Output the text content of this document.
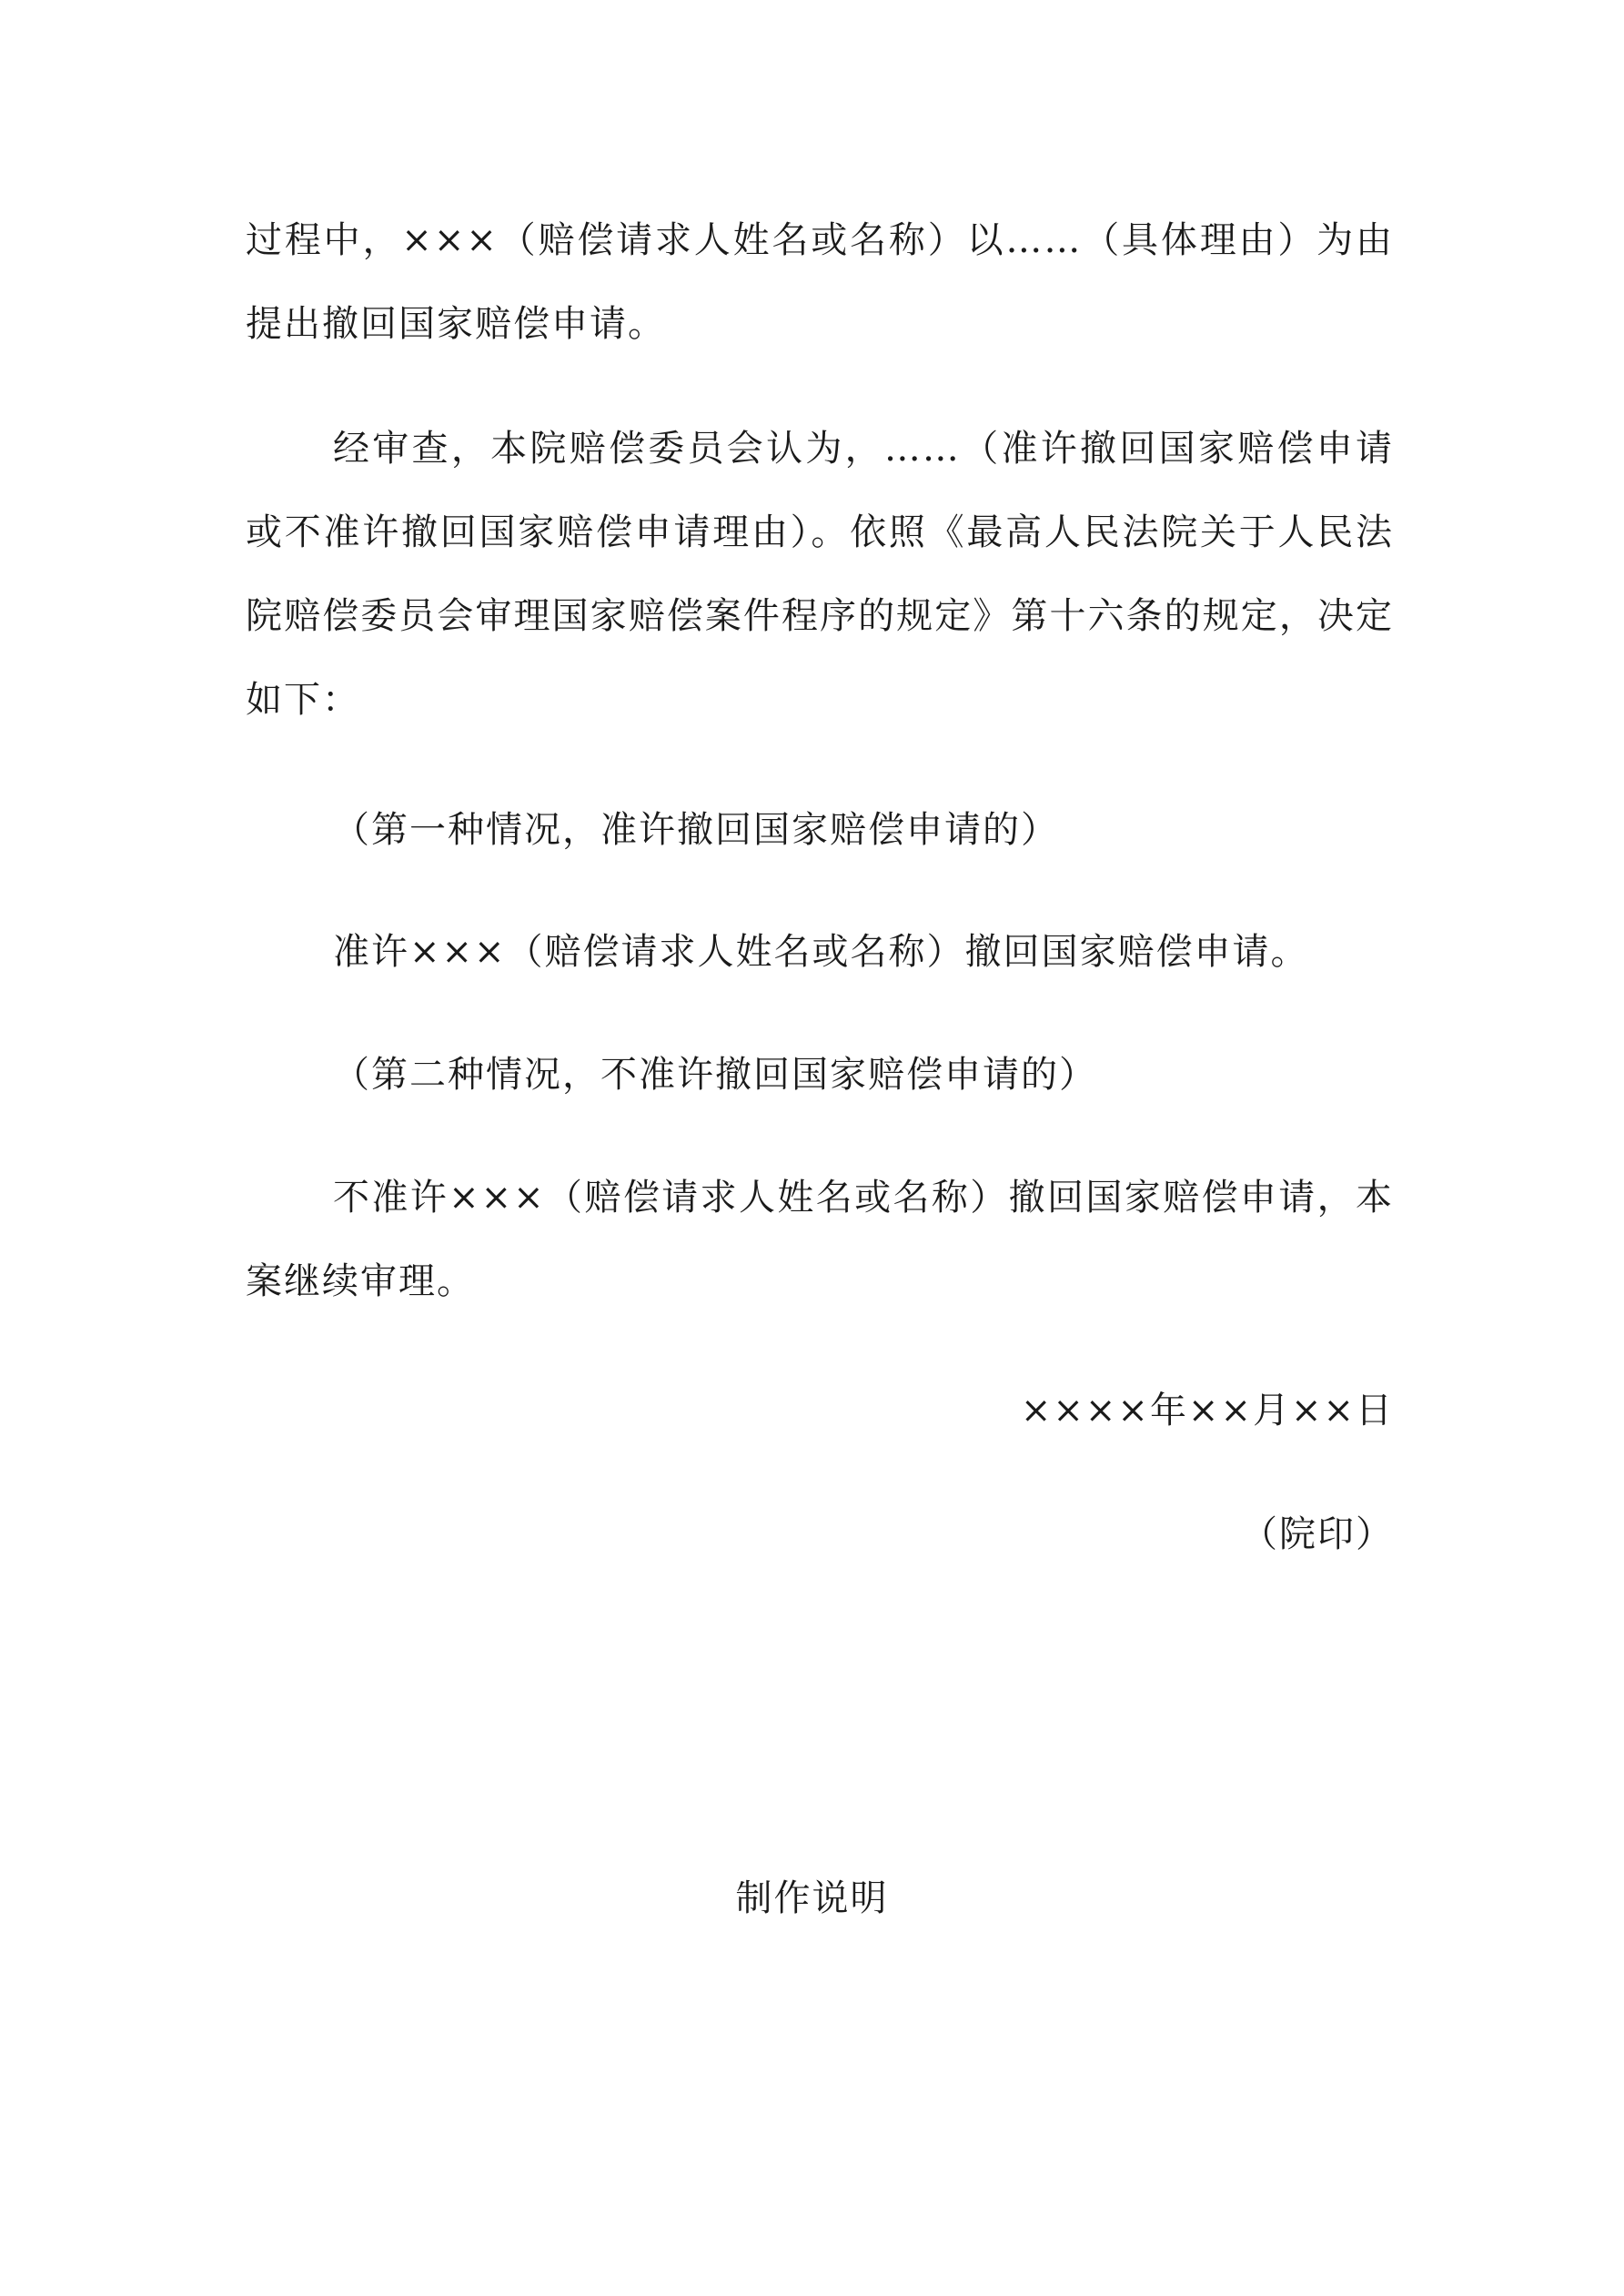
过程中，×××（赔偿请求人姓名或名称）以……（具体理由）为由提出撤回国家赔偿申请。

经审查，本院赔偿委员会认为，……（准许撤回国家赔偿申请或不准许撤回国家赔偿申请理由）。依照《最高人民法院关于人民法院赔偿委员会审理国家赔偿案件程序的规定》第十六条的规定，决定如下：

（第一种情况，准许撤回国家赔偿申请的）

准许×××（赔偿请求人姓名或名称）撤回国家赔偿申请。

（第二种情况，不准许撤回国家赔偿申请的）

不准许×××（赔偿请求人姓名或名称）撤回国家赔偿申请，本案继续审理。

××××年××月××日

（院印）

制作说明
